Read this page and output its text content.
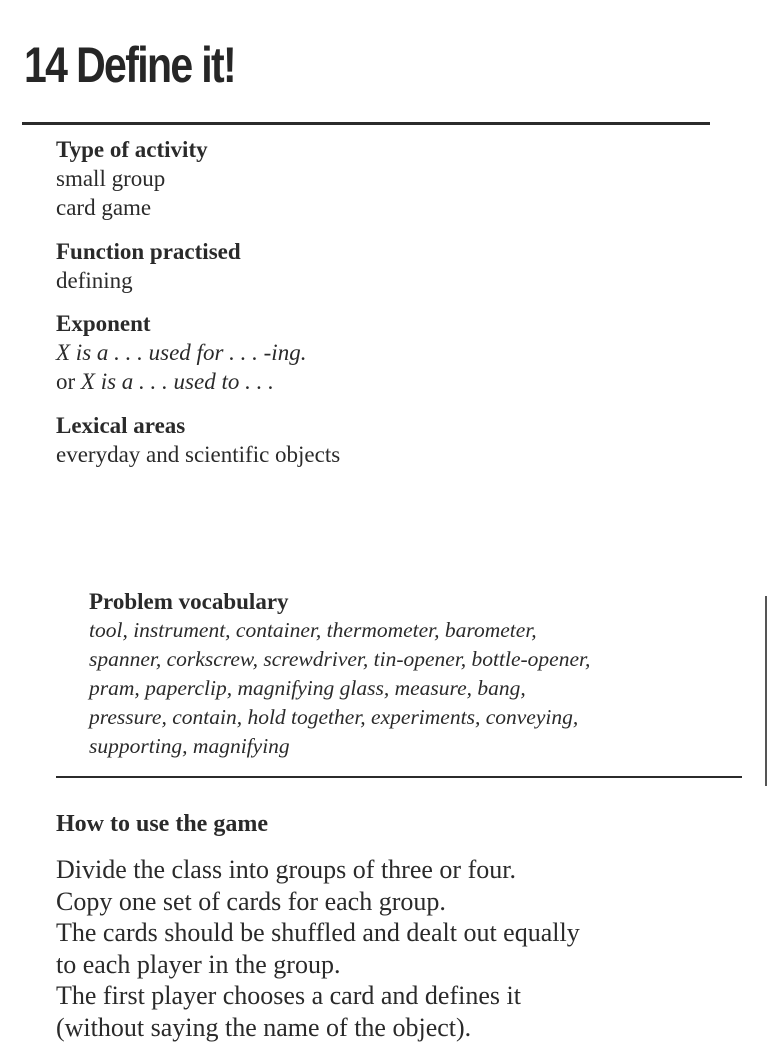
14 Define it!
Type of activity
small group
card game
Function practised
defining
Exponent
X is a . . . used for . . . -ing.
or X is a . . . used to . . .
Lexical areas
everyday and scientific objects
Problem vocabulary
tool, instrument, container, thermometer, barometer,
spanner, corkscrew, screwdriver, tin-opener, bottle-opener,
pram, paperclip, magnifying glass, measure, bang,
pressure, contain, hold together, experiments, conveying,
supporting, magnifying
How to use the game
Divide the class into groups of three or four.
Copy one set of cards for each group.
The cards should be shuffled and dealt out equally
to each player in the group.
The first player chooses a card and defines it
(without saying the name of the object).
